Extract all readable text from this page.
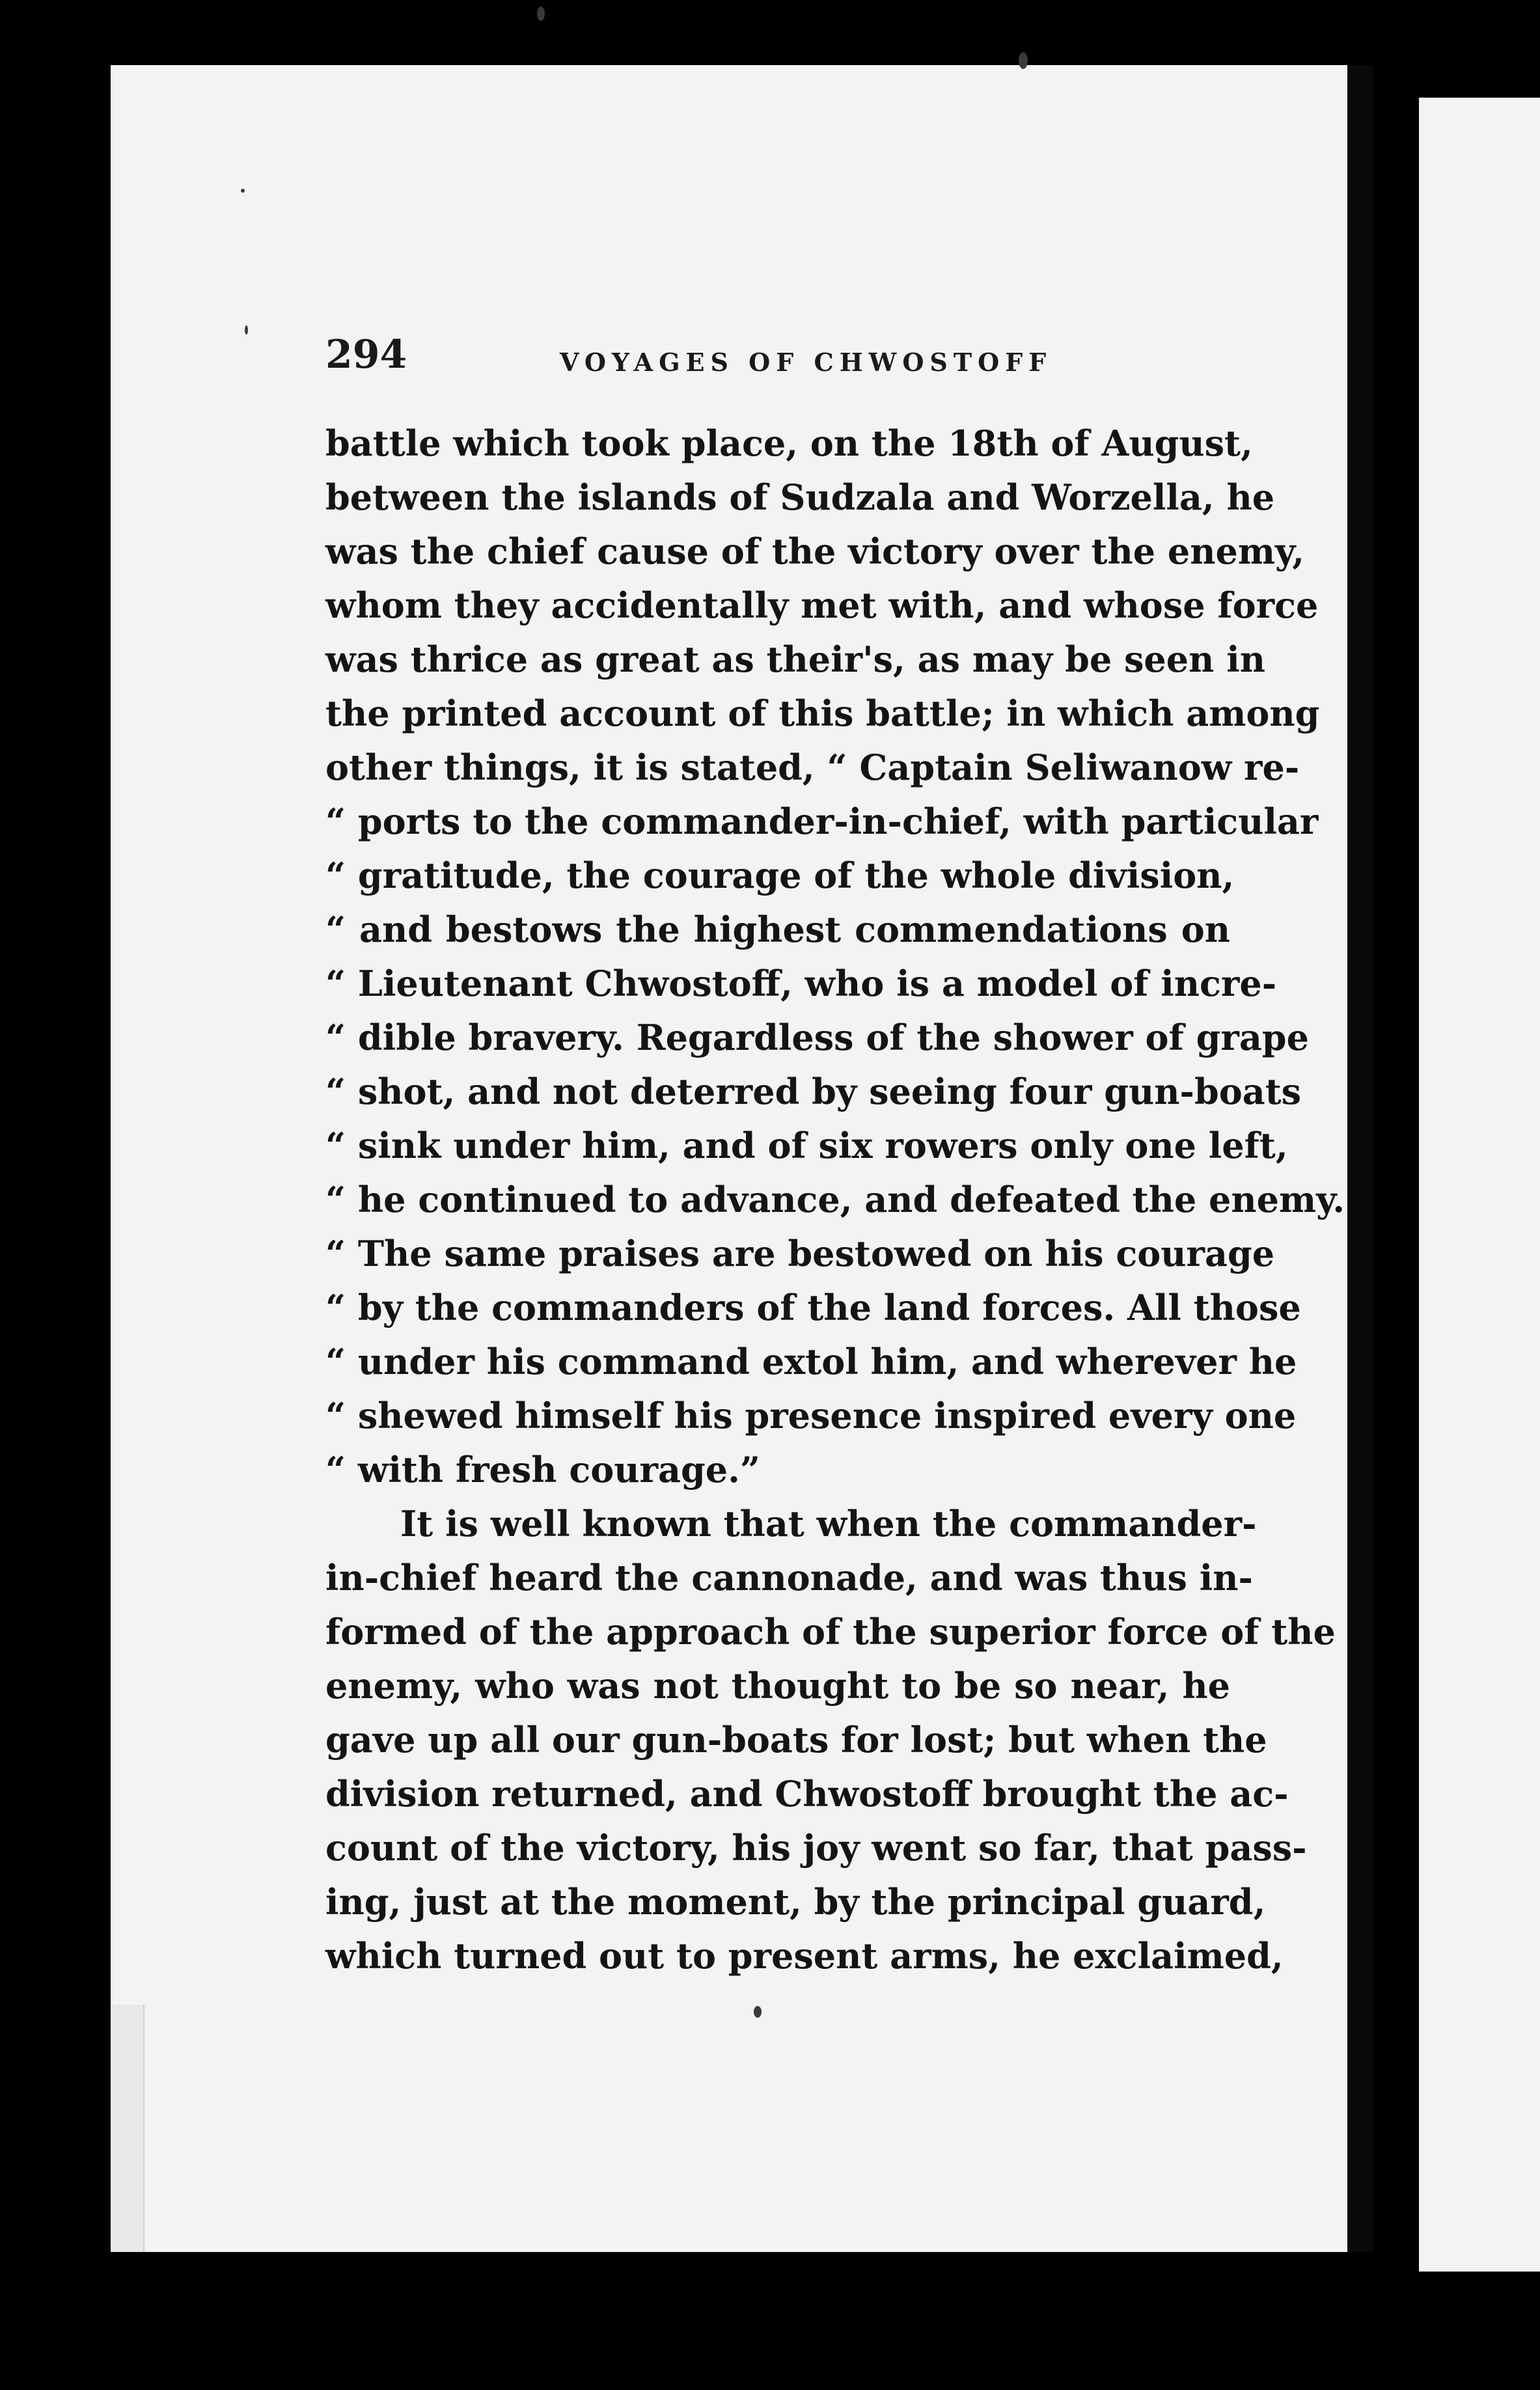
294	VOYAGES OF CHWOSTOFF
battle which took place, on the 18th of August,
between the islands of Sudzala and Worzella, he
was the chief cause of the victory over the enemy,
whom they accidentally met with, and whose force
was thrice as great as their's, as may be seen in
the printed account of this battle; in which among
other things, it is stated, “ Captain Seliwanow re-
“ ports to the commander-in-chief, with particular
“ gratitude, the courage of the whole division,
“ and bestows the highest commendations on
“ Lieutenant Chwostoff, who is a model of incre-
“ dible bravery. Regardless of the shower of grape
“ shot, and not deterred by seeing four gun-boats
“ sink under him, and of six rowers only one left,
“ he continued to advance, and defeated the enemy.
“ The same praises are bestowed on his courage
“ by the commanders of the land forces. All those
“ under his command extol him, and wherever he
“ shewed himself his presence inspired every one
“ with fresh courage.”
It is well known that when the commander-
in-chief heard the cannonade, and was thus in-
formed of the approach of the superior force of the
enemy, who was not thought to be so near, he
gave up all our gun-boats for lost; but when the
division returned, and Chwostoff brought the ac-
count of the victory, his joy went so far, that pass-
ing, just at the moment, by the principal guard,
which turned out to present arms, he exclaimed,
